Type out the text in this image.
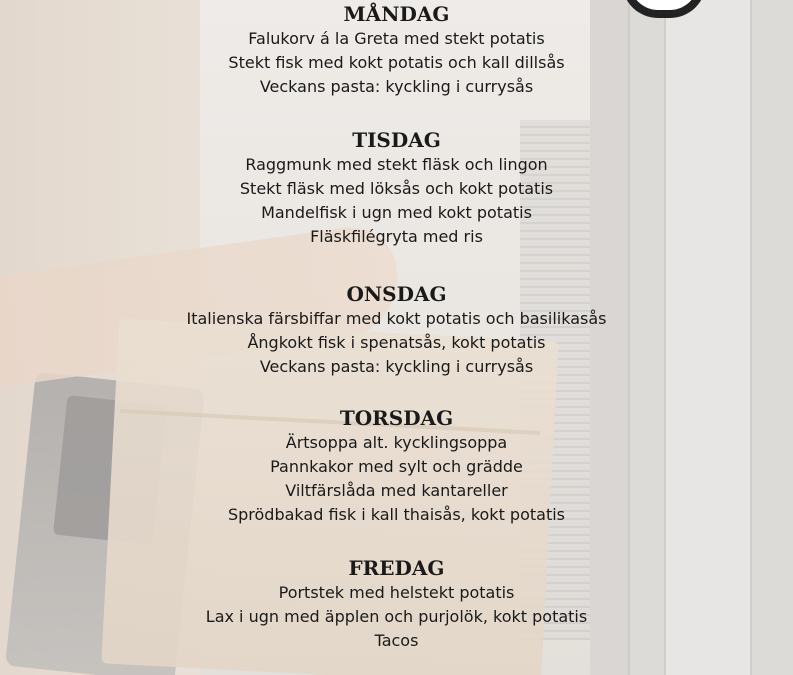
MÅNDAG
Falukorv á la Greta med stekt potatis
Stekt fisk med kokt potatis och kall dillsås
Veckans pasta: kyckling i currysås
TISDAG
Raggmunk med stekt fläsk och lingon
Stekt fläsk med löksås och kokt potatis
Mandelfisk i ugn med kokt potatis
Fläskfilégryta med ris
ONSDAG
Italienska färsbiffar med kokt potatis och basilikasås
Ångkokt fisk i spenatsås, kokt potatis
Veckans pasta: kyckling i currysås
TORSDAG
Ärtsoppa alt. kycklingsoppa
Pannkakor med sylt och grädde
Viltfärslåda med kantareller
Sprödbakad fisk i kall thaisås, kokt potatis
FREDAG
Portstek med helstekt potatis
Lax i ugn med äpplen och purjolök, kokt potatis
Tacos
